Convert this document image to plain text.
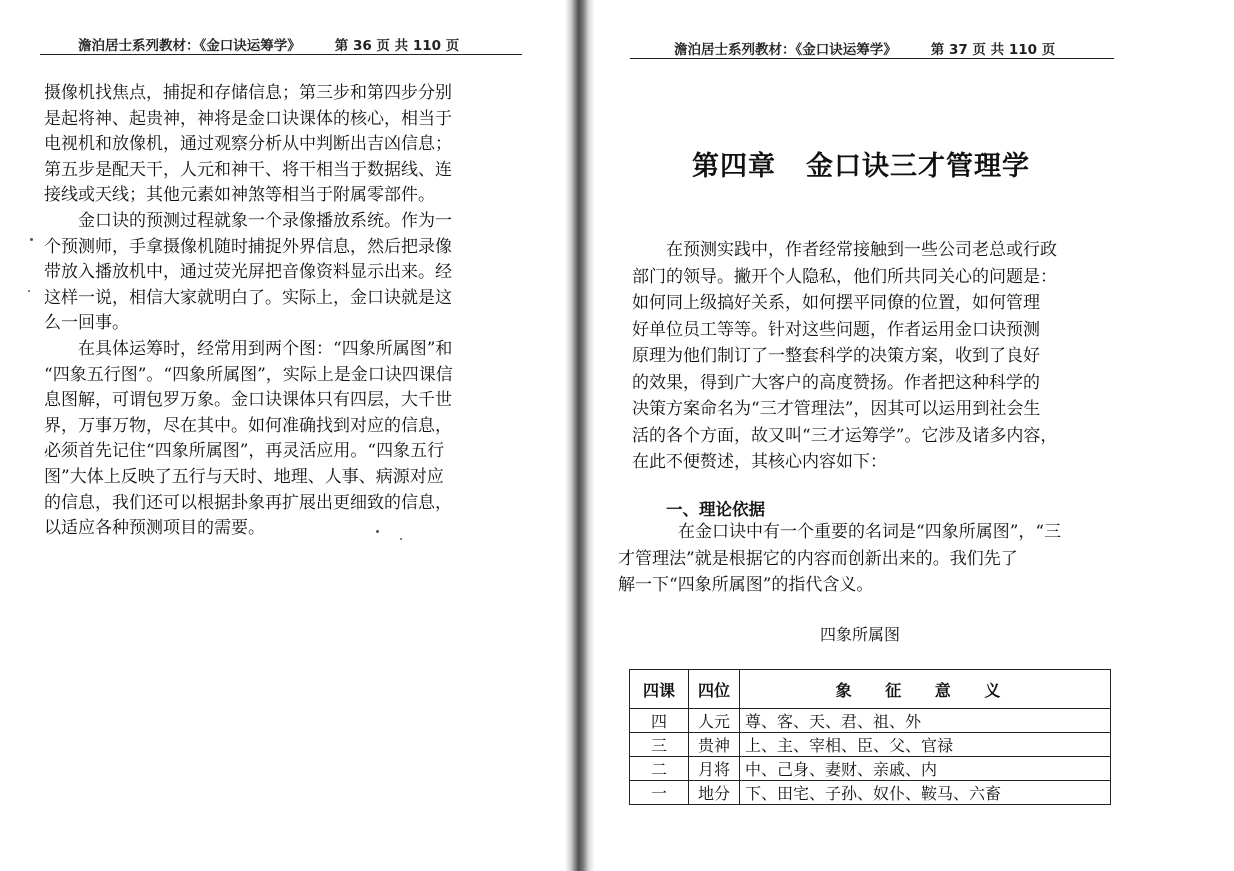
澹泊居士系列教材：《金口诀运筹学》	第 36 页 共 110 页
摄像机找焦点，捕捉和存储信息；第三步和第四步分别
是起将神、起贵神，神将是金口诀课体的核心，相当于
电视机和放像机，通过观察分析从中判断出吉凶信息；
第五步是配天干，人元和神干、将干相当于数据线、连
接线或天线；其他元素如神煞等相当于附属零部件。
金口诀的预测过程就象一个录像播放系统。作为一
个预测师，手拿摄像机随时捕捉外界信息，然后把录像
带放入播放机中，通过荧光屏把音像资料显示出来。经
这样一说，相信大家就明白了。实际上，金口诀就是这
么一回事。
在具体运筹时，经常用到两个图：“四象所属图”和
“四象五行图”。“四象所属图”，实际上是金口诀四课信
息图解，可谓包罗万象。金口诀课体只有四层，大千世
界，万事万物，尽在其中。如何准确找到对应的信息，
必须首先记住“四象所属图”，再灵活应用。“四象五行
图”大体上反映了五行与天时、地理、人事、病源对应
的信息，我们还可以根据卦象再扩展出更细致的信息，
以适应各种预测项目的需要。
澹泊居士系列教材：《金口诀运筹学》	第 37 页 共 110 页
第四章 金口诀三才管理学
在预测实践中，作者经常接触到一些公司老总或行政
部门的领导。撇开个人隐私，他们所共同关心的问题是：
如何同上级搞好关系，如何摆平同僚的位置，如何管理
好单位员工等等。针对这些问题，作者运用金口诀预测
原理为他们制订了一整套科学的决策方案，收到了良好
的效果，得到广大客户的高度赞扬。作者把这种科学的
决策方案命名为“三才管理法”，因其可以运用到社会生
活的各个方面，故又叫“三才运筹学”。它涉及诸多内容，
在此不便赘述，其核心内容如下：
一、理论依据
在金口诀中有一个重要的名词是“四象所属图”，“三
才管理法”就是根据它的内容而创新出来的。我们先了
解一下“四象所属图”的指代含义。
四象所属图
四课	四位	象 征 意 义
四	人元	尊、客、天、君、祖、外
三	贵神	上、主、宰相、臣、父、官禄
二	月将	中、己身、妻财、亲戚、内
一	地分	下、田宅、子孙、奴仆、鞍马、六畜
